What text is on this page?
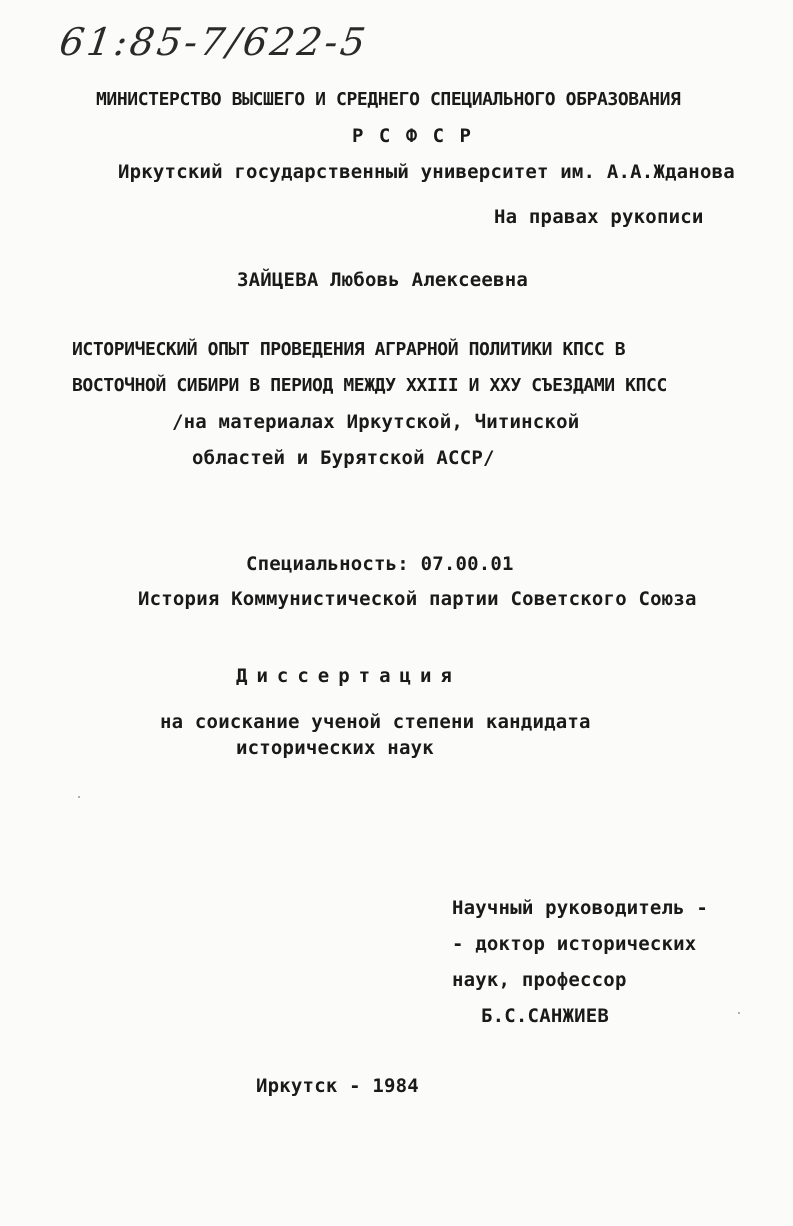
61:85-7/622-5

МИНИСТЕРСТВО ВЫСШЕГО И СРЕДНЕГО СПЕЦИАЛЬНОГО ОБРАЗОВАНИЯ

Р С Ф С Р

Иркутский государственный университет им. А.А.Жданова

На правах рукописи

ЗАЙЦЕВА Любовь Алексеевна

ИСТОРИЧЕСКИЙ ОПЫТ ПРОВЕДЕНИЯ АГРАРНОЙ ПОЛИТИКИ КПСС В

ВОСТОЧНОЙ СИБИРИ В ПЕРИОД МЕЖДУ XXIII И XXУ СЪЕЗДАМИ КПСС

/на материалах Иркутской, Читинской

областей и Бурятской АССР/

Специальность: 07.00.01

История Коммунистической партии Советского Союза

Диссертация

на соискание ученой степени кандидата

исторических наук

Научный руководитель -

- доктор исторических

наук, профессор

Б.С.САНЖИЕВ

Иркутск - 1984
